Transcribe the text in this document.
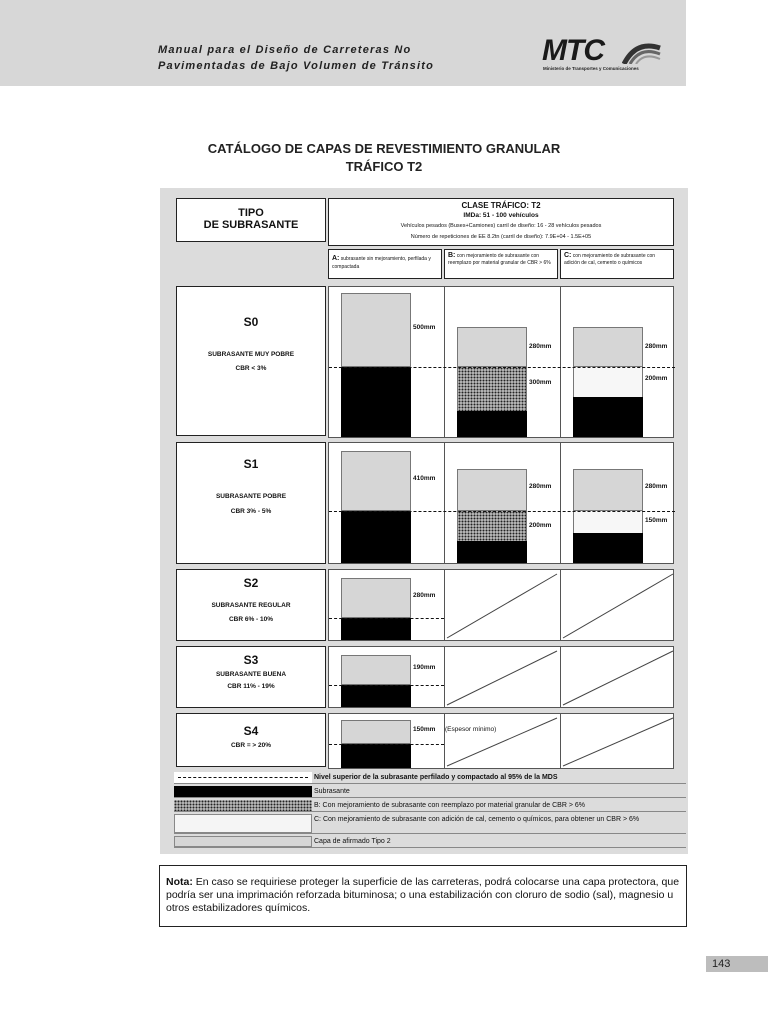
Manual para el Diseño de Carreteras No
Pavimentadas de Bajo Volumen de Tránsito	MTC
Ministerio de Transportes y Comunicaciones
CATÁLOGO DE CAPAS DE REVESTIMIENTO GRANULAR
TRÁFICO T2
TIPO
DE SUBRASANTE
CLASE TRÁFICO: T2
IMDa: 51 - 100 vehículos
Vehículos pesados (Buses+Camiones) carril de diseño: 16 - 28 vehículos pesados
Número de repeticiones de EE 8.2tn (carril de diseño): 7.9E+04 - 1.5E+05
A: subrasante sin mejoramiento, perfilada y compactada
B: con mejoramiento de subrasante con reemplazo por material granular de CBR > 6%
C: con mejoramiento de subrasante con adición de cal, cemento o químicos
S0
SUBRASANTE MUY POBRE
CBR < 3%
500mm
280mm
300mm
280mm
200mm
S1
SUBRASANTE POBRE
CBR 3% - 5%
410mm
280mm
200mm
280mm
150mm
S2
SUBRASANTE REGULAR
CBR 6% - 10%
280mm
S3
SUBRASANTE BUENA
CBR 11% - 19%
190mm
S4
CBR = > 20%
150mm (Espesor mínimo)
Nivel superior de la subrasante perfilado y compactado al 95% de la MDS
Subrasante
B: Con mejoramiento de subrasante con reemplazo por material granular de CBR > 6%
C: Con mejoramiento de subrasante con adición de cal, cemento o químicos, para obtener un CBR > 6%
Capa de afirmado Tipo 2
Nota: En caso se requiriese proteger la superficie de las carreteras, podrá colocarse una capa protectora, que podría ser una imprimación reforzada bituminosa; o una estabilización con cloruro de sodio (sal), magnesio u otros estabilizadores químicos.
143
